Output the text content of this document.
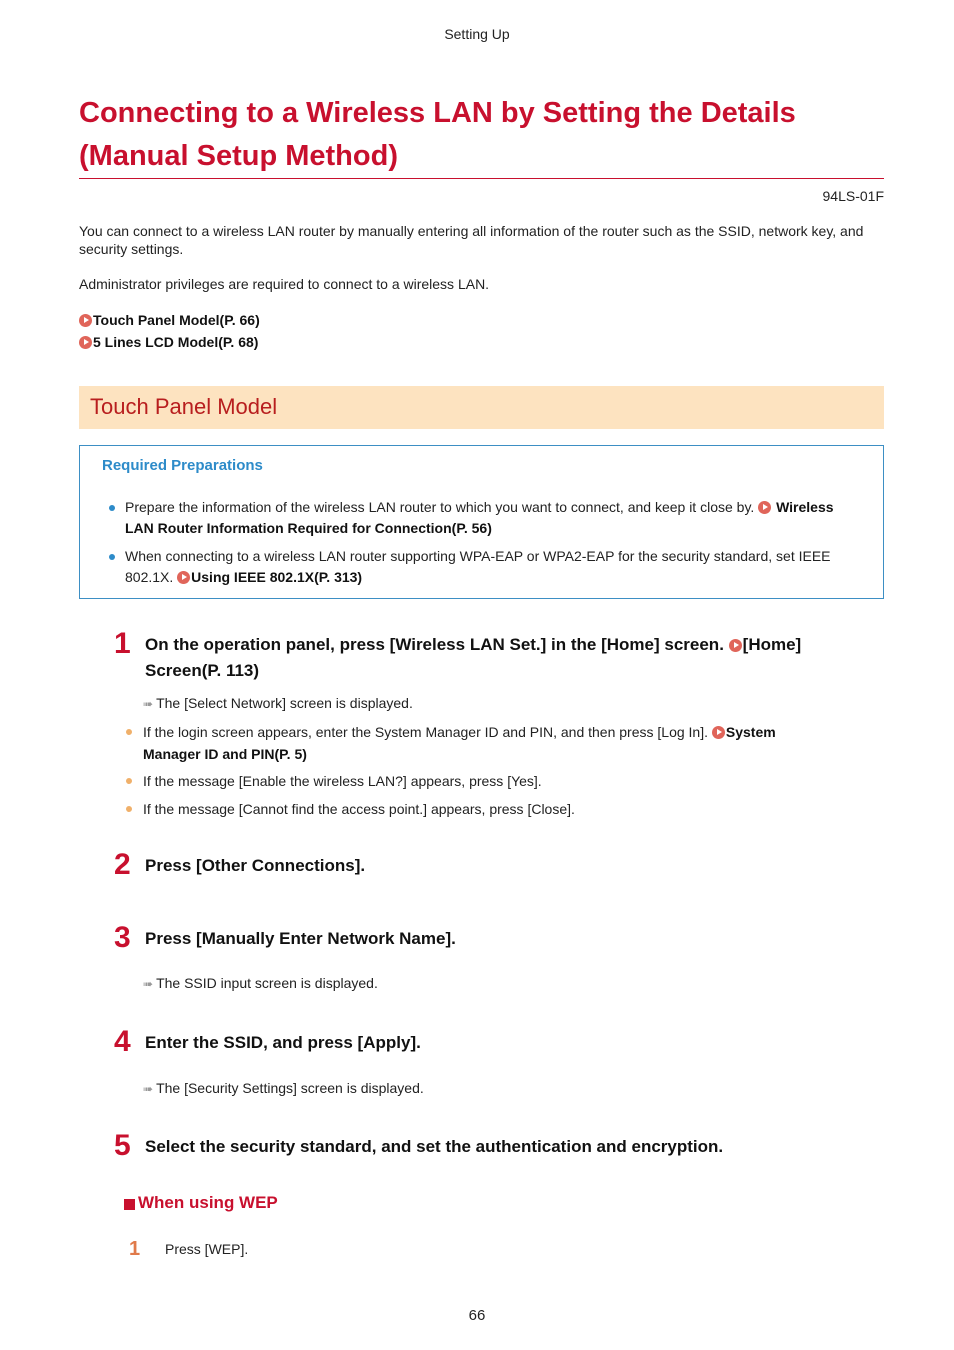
Setting Up
Connecting to a Wireless LAN by Setting the Details
(Manual Setup Method)
94LS-01F

You can connect to a wireless LAN router by manually entering all information of the router such as the SSID, network key, and security settings.

Administrator privileges are required to connect to a wireless LAN.

Touch Panel Model(P. 66)
5 Lines LCD Model(P. 68)
Touch Panel Model
Required Preparations

Prepare the information of the wireless LAN router to which you want to connect, and keep it close by. Wireless LAN Router Information Required for Connection(P. 56)

When connecting to a wireless LAN router supporting WPA-EAP or WPA2-EAP for the security standard, set IEEE 802.1X. Using IEEE 802.1X(P. 313)

1 On the operation panel, press [Wireless LAN Set.] in the [Home] screen. [Home]
Screen(P. 113)

➠ The [Select Network] screen is displayed.

If the login screen appears, enter the System Manager ID and PIN, and then press [Log In]. System
Manager ID and PIN(P. 5)

If the message [Enable the wireless LAN?] appears, press [Yes].

If the message [Cannot find the access point.] appears, press [Close].

2 Press [Other Connections].

3 Press [Manually Enter Network Name].

➠ The SSID input screen is displayed.
4 Enter the SSID, and press [Apply].

➠ The [Security Settings] screen is displayed.
5 Select the security standard, and set the authentication and encryption.

When using WEP
1 Press [WEP].
66
